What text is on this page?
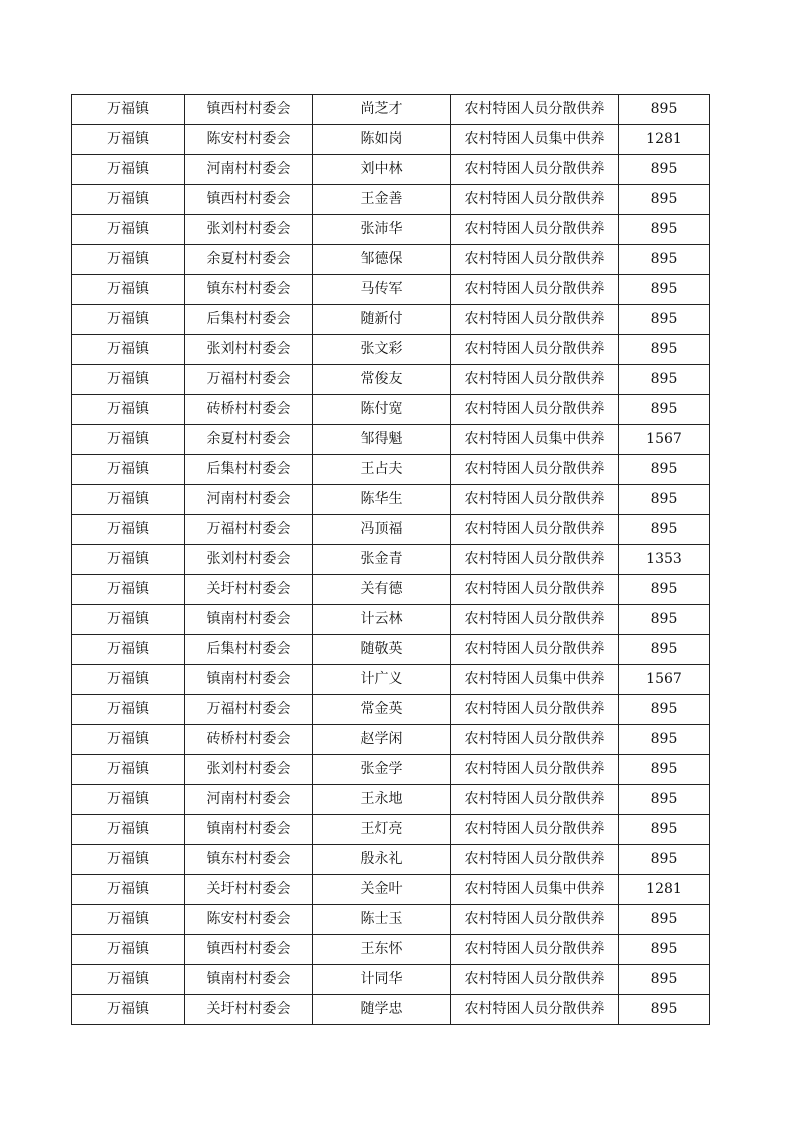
万福镇	镇西村村委会	尚芝才	农村特困人员分散供养	895
万福镇	陈安村村委会	陈如岗	农村特困人员集中供养	1281
万福镇	河南村村委会	刘中林	农村特困人员分散供养	895
万福镇	镇西村村委会	王金善	农村特困人员分散供养	895
万福镇	张刘村村委会	张沛华	农村特困人员分散供养	895
万福镇	余夏村村委会	邹德保	农村特困人员分散供养	895
万福镇	镇东村村委会	马传军	农村特困人员分散供养	895
万福镇	后集村村委会	随新付	农村特困人员分散供养	895
万福镇	张刘村村委会	张文彩	农村特困人员分散供养	895
万福镇	万福村村委会	常俊友	农村特困人员分散供养	895
万福镇	砖桥村村委会	陈付宽	农村特困人员分散供养	895
万福镇	余夏村村委会	邹得魁	农村特困人员集中供养	1567
万福镇	后集村村委会	王占夫	农村特困人员分散供养	895
万福镇	河南村村委会	陈华生	农村特困人员分散供养	895
万福镇	万福村村委会	冯顶福	农村特困人员分散供养	895
万福镇	张刘村村委会	张金青	农村特困人员分散供养	1353
万福镇	关圩村村委会	关有德	农村特困人员分散供养	895
万福镇	镇南村村委会	计云林	农村特困人员分散供养	895
万福镇	后集村村委会	随敬英	农村特困人员分散供养	895
万福镇	镇南村村委会	计广义	农村特困人员集中供养	1567
万福镇	万福村村委会	常金英	农村特困人员分散供养	895
万福镇	砖桥村村委会	赵学闲	农村特困人员分散供养	895
万福镇	张刘村村委会	张金学	农村特困人员分散供养	895
万福镇	河南村村委会	王永地	农村特困人员分散供养	895
万福镇	镇南村村委会	王灯亮	农村特困人员分散供养	895
万福镇	镇东村村委会	殷永礼	农村特困人员分散供养	895
万福镇	关圩村村委会	关金叶	农村特困人员集中供养	1281
万福镇	陈安村村委会	陈士玉	农村特困人员分散供养	895
万福镇	镇西村村委会	王东怀	农村特困人员分散供养	895
万福镇	镇南村村委会	计同华	农村特困人员分散供养	895
万福镇	关圩村村委会	随学忠	农村特困人员分散供养	895
